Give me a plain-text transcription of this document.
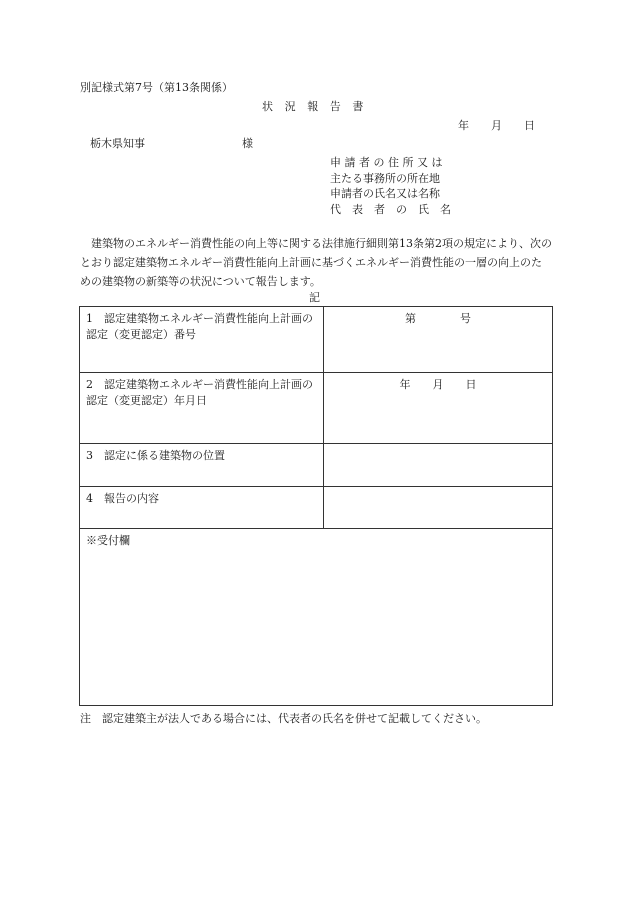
別記様式第7号（第13条関係）
状　況　報　告　書
年　　月　　日
栃木県知事	様
申 請 者 の 住 所 又 は
主たる事務所の所在地
申請者の氏名又は名称
代　表　者　の　氏　名
建築物のエネルギー消費性能の向上等に関する法律施行細則第13条第2項の規定により、次のとおり認定建築物エネルギー消費性能向上計画に基づくエネルギー消費性能の一層の向上のための建築物の新築等の状況について報告します。
記
1　認定建築物エネルギー消費性能向上計画の認定（変更認定）番号	第　　　　号
2　認定建築物エネルギー消費性能向上計画の認定（変更認定）年月日	年　　月　　日
3　認定に係る建築物の位置	
4　報告の内容	
※受付欄	
注　認定建築主が法人である場合には、代表者の氏名を併せて記載してください。
